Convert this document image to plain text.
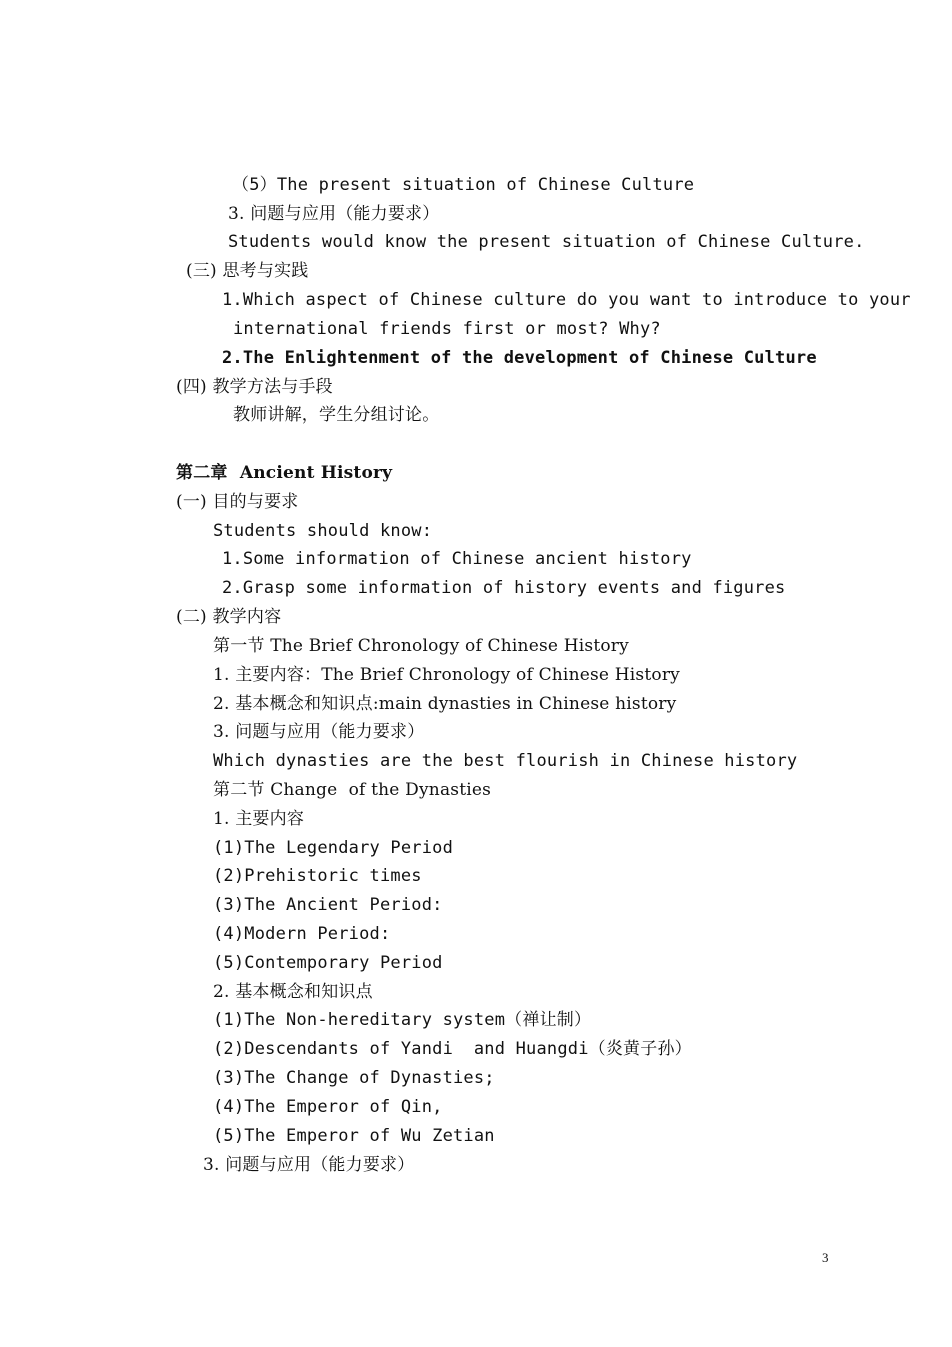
（5）The present situation of Chinese Culture
3. 问题与应用（能力要求）
Students would know the present situation of Chinese Culture.
(三) 思考与实践
1.Which aspect of Chinese culture do you want to introduce to your
international friends first or most? Why?
2.The Enlightenment of the development of Chinese Culture
(四) 教学方法与手段
教师讲解，学生分组讨论。
第二章  Ancient History
(一) 目的与要求
Students should know:
1.Some information of Chinese ancient history
2.Grasp some information of history events and figures
(二) 教学内容
第一节 The Brief Chronology of Chinese History
1. 主要内容：The Brief Chronology of Chinese History
2. 基本概念和知识点:main dynasties in Chinese history
3. 问题与应用（能力要求）
Which dynasties are the best flourish in Chinese history
第二节 Change  of the Dynasties
1. 主要内容
(1)The Legendary Period
(2)Prehistoric times
(3)The Ancient Period:
(4)Modern Period:
(5)Contemporary Period
2. 基本概念和知识点
(1)The Non-hereditary system（禅让制）
(2)Descendants of Yandi  and Huangdi（炎黄子孙）
(3)The Change of Dynasties;
(4)The Emperor of Qin,
(5)The Emperor of Wu Zetian
3. 问题与应用（能力要求）
3
